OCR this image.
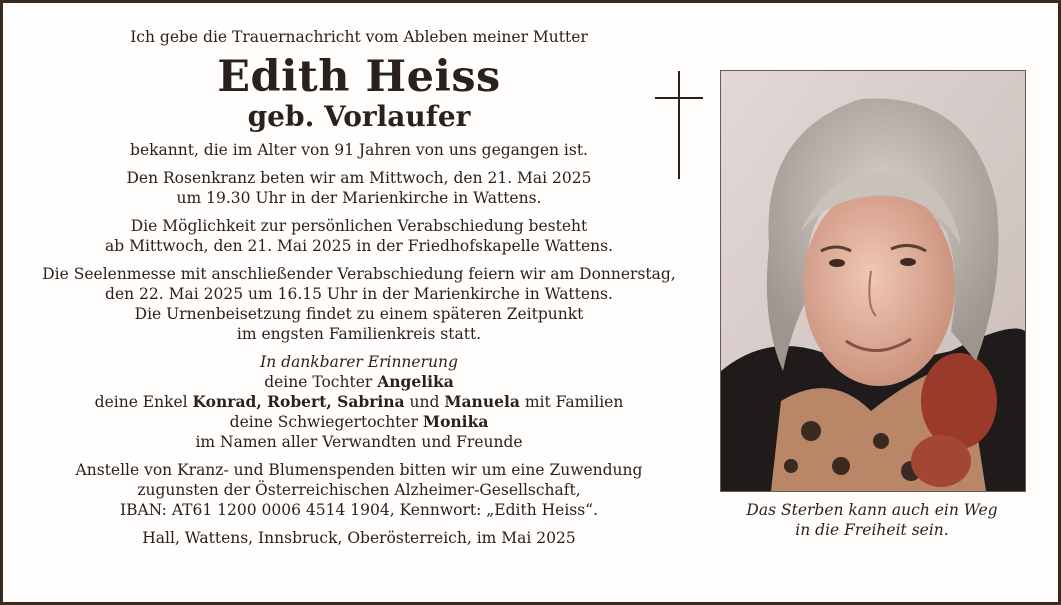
Ich gebe die Trauernachricht vom Ableben meiner Mutter
Edith Heiss
geb. Vorlaufer
bekannt, die im Alter von 91 Jahren von uns gegangen ist.
Den Rosenkranz beten wir am Mittwoch, den 21. Mai 2025
um 19.30 Uhr in der Marienkirche in Wattens.
Die Möglichkeit zur persönlichen Verabschiedung besteht
ab Mittwoch, den 21. Mai 2025 in der Friedhofskapelle Wattens.
Die Seelenmesse mit anschließender Verabschiedung feiern wir am Donnerstag,
den 22. Mai 2025 um 16.15 Uhr in der Marienkirche in Wattens.
Die Urnenbeisetzung findet zu einem späteren Zeitpunkt
im engsten Familienkreis statt.
In dankbarer Erinnerung
deine Tochter Angelika
deine Enkel Konrad, Robert, Sabrina und Manuela mit Familien
deine Schwiegertochter Monika
im Namen aller Verwandten und Freunde
Anstelle von Kranz- und Blumenspenden bitten wir um eine Zuwendung
zugunsten der Österreichischen Alzheimer-Gesellschaft,
IBAN: AT61 1200 0006 4514 1904, Kennwort: „Edith Heiss“.
Hall, Wattens, Innsbruck, Oberösterreich, im Mai 2025
Das Sterben kann auch ein Weg
in die Freiheit sein.
